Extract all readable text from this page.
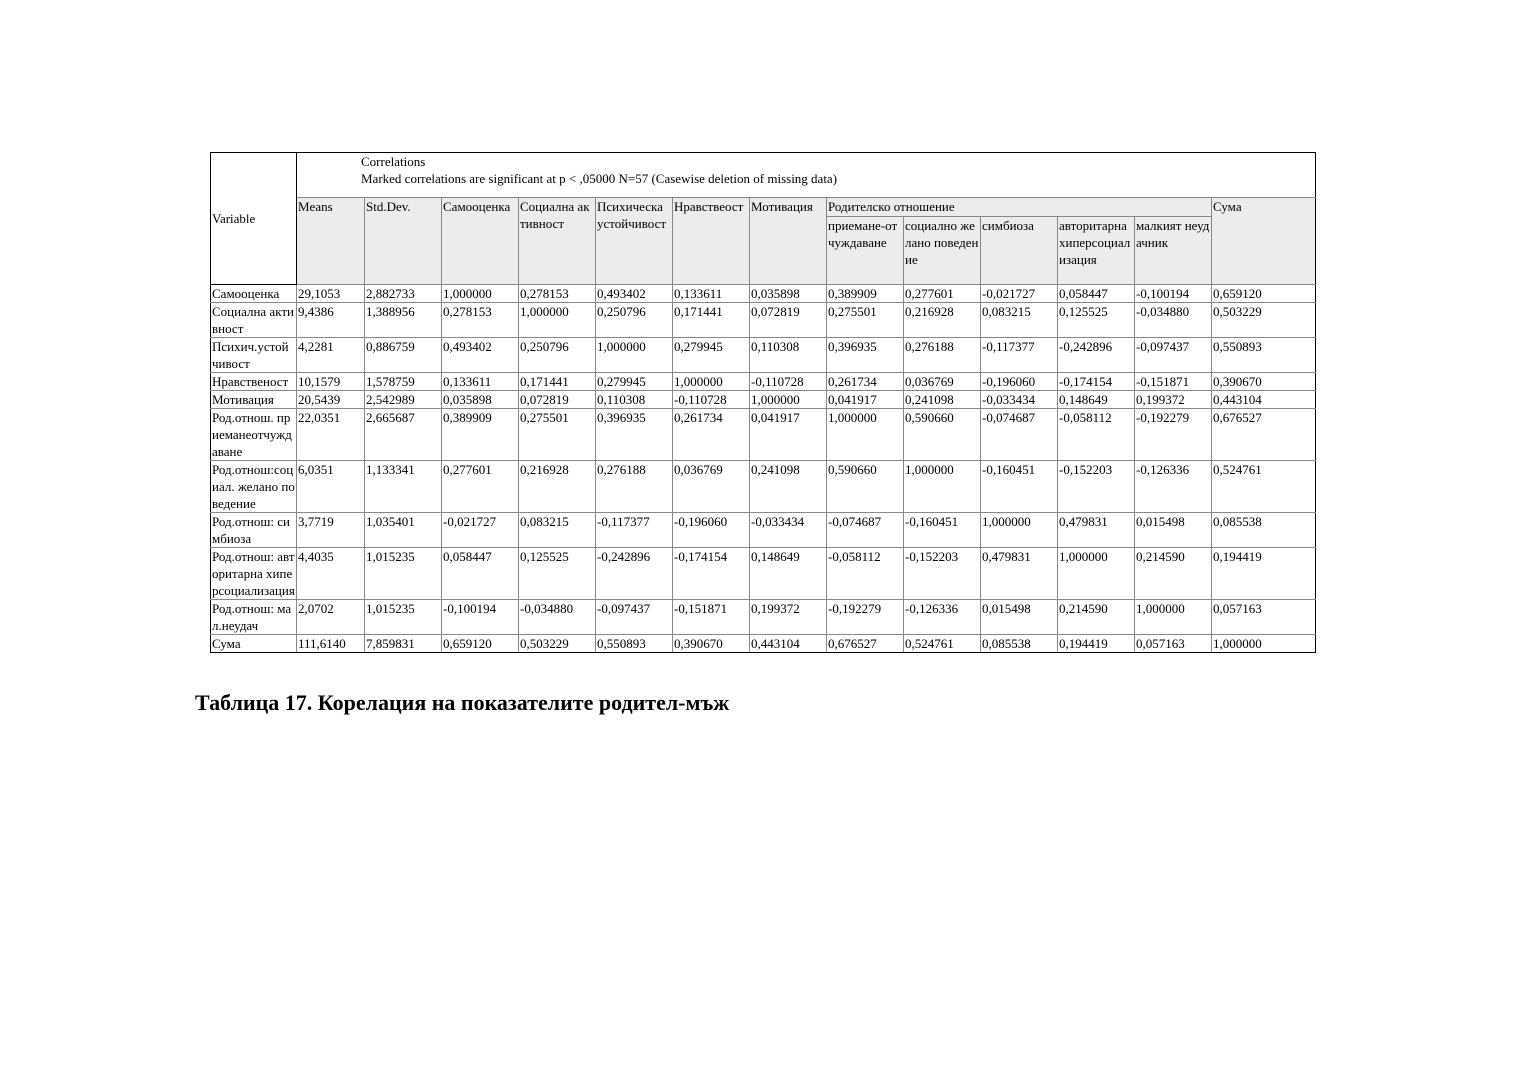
Variable	Correlations
Marked correlations are significant at p < ,05000 N=57 (Casewise deletion of missing data)												

	Means	Std.Dev.	Самооценка	Социална активност	Психическа устойчивост	Нравствеост	Мотивация	Родителско отношение					Сума
								приемане-отчуждаване	социално желано поведение	симбиоза	авторитарна хиперсоциализация	малкият неудачник	
Самооценка	29,1053	2,882733	1,000000	0,278153	0,493402	0,133611	0,035898	0,389909	0,277601	-0,021727	0,058447	-0,100194	0,659120
Социална активност	9,4386	1,388956	0,278153	1,000000	0,250796	0,171441	0,072819	0,275501	0,216928	0,083215	0,125525	-0,034880	0,503229
Психич.устойчивост	4,2281	0,886759	0,493402	0,250796	1,000000	0,279945	0,110308	0,396935	0,276188	-0,117377	-0,242896	-0,097437	0,550893
Нравственост	10,1579	1,578759	0,133611	0,171441	0,279945	1,000000	-0,110728	0,261734	0,036769	-0,196060	-0,174154	-0,151871	0,390670
Мотивация	20,5439	2,542989	0,035898	0,072819	0,110308	-0,110728	1,000000	0,041917	0,241098	-0,033434	0,148649	0,199372	0,443104
Род.отнош. приеманеотчуждаване	22,0351	2,665687	0,389909	0,275501	0,396935	0,261734	0,041917	1,000000	0,590660	-0,074687	-0,058112	-0,192279	0,676527
Род.отнош:социал. желано поведение	6,0351	1,133341	0,277601	0,216928	0,276188	0,036769	0,241098	0,590660	1,000000	-0,160451	-0,152203	-0,126336	0,524761
Род.отнош: симбиоза	3,7719	1,035401	-0,021727	0,083215	-0,117377	-0,196060	-0,033434	-0,074687	-0,160451	1,000000	0,479831	0,015498	0,085538
Род.отнош: авторитарна хиперсоциализация	4,4035	1,015235	0,058447	0,125525	-0,242896	-0,174154	0,148649	-0,058112	-0,152203	0,479831	1,000000	0,214590	0,194419
Род.отнош: мал.неудач	2,0702	1,015235	-0,100194	-0,034880	-0,097437	-0,151871	0,199372	-0,192279	-0,126336	0,015498	0,214590	1,000000	0,057163
Сума	111,6140	7,859831	0,659120	0,503229	0,550893	0,390670	0,443104	0,676527	0,524761	0,085538	0,194419	0,057163	1,000000
Таблица 17. Корелация на показателите родител-мъж
